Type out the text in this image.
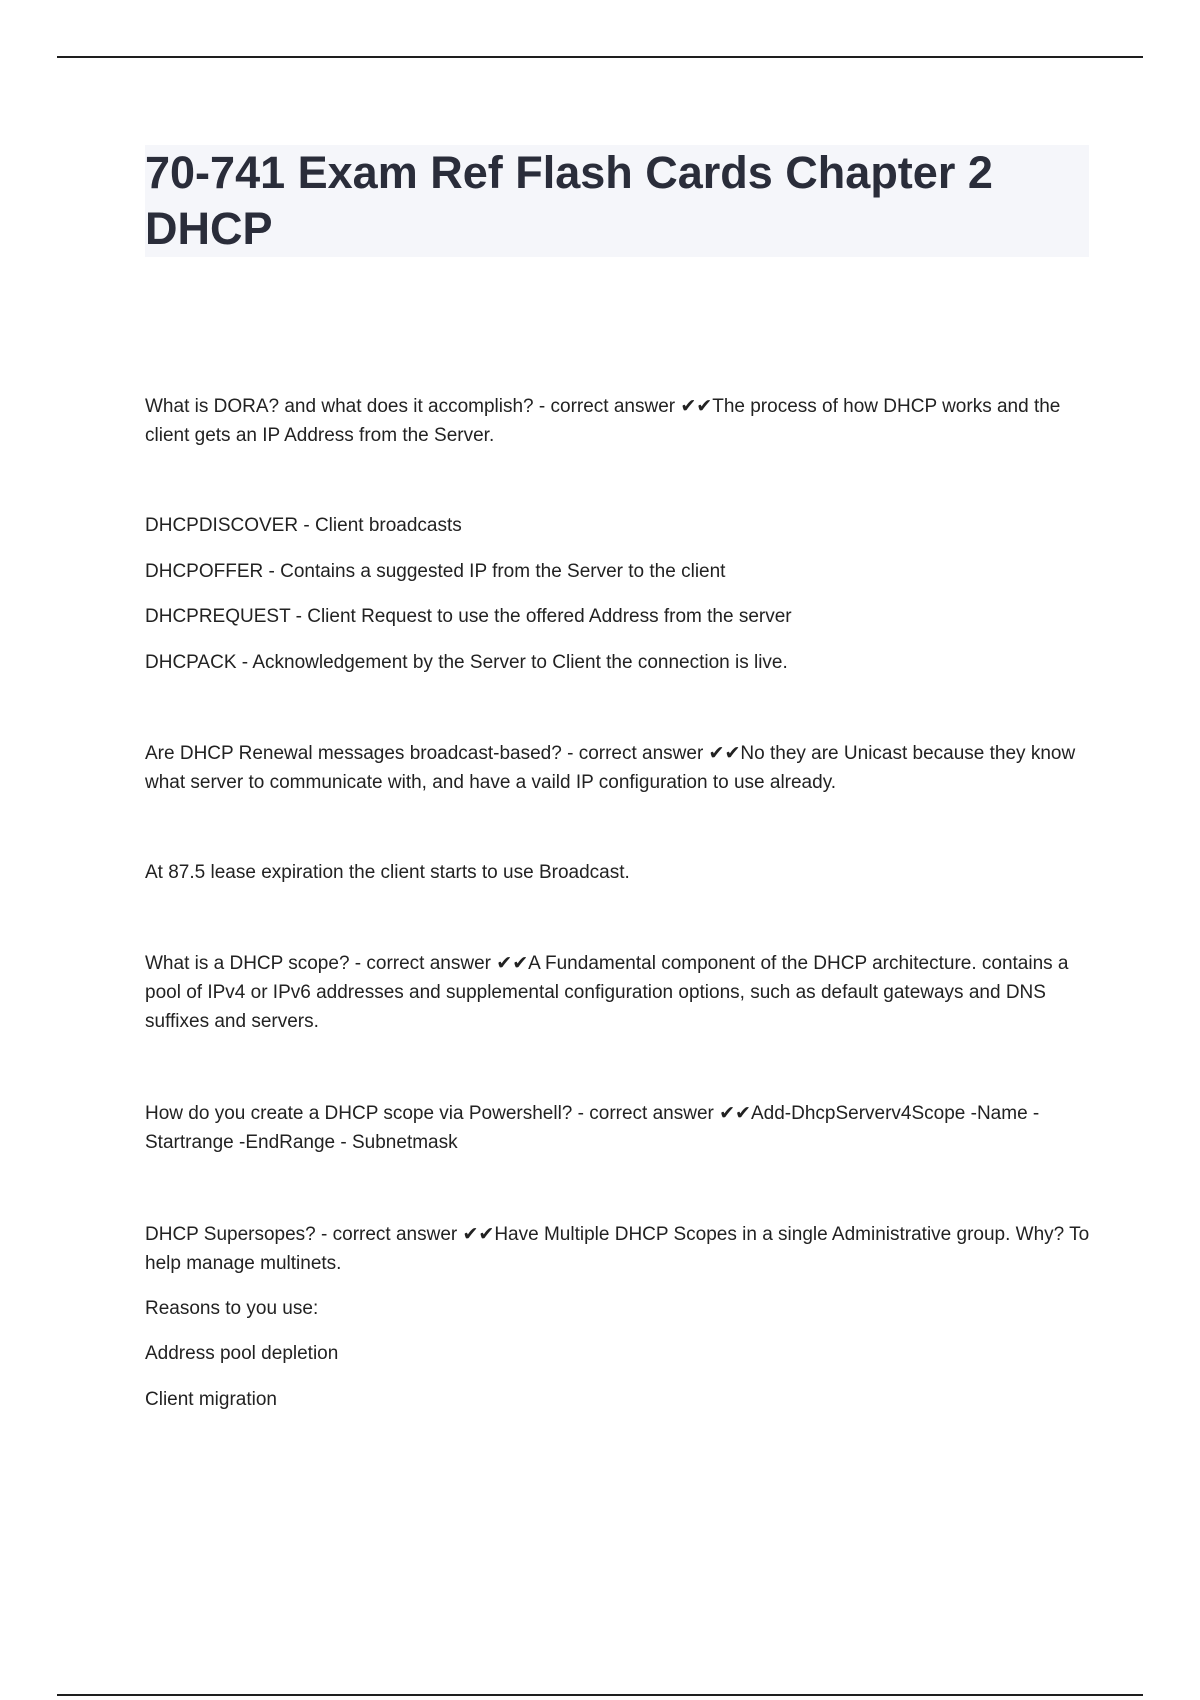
70-741 Exam Ref Flash Cards Chapter 2
DHCP

What is DORA? and what does it accomplish? - correct answer ✔✔The process of how DHCP works and the client gets an IP Address from the Server.

DHCPDISCOVER - Client broadcasts

DHCPOFFER - Contains a suggested IP from the Server to the client

DHCPREQUEST - Client Request to use the offered Address from the server

DHCPACK - Acknowledgement by the Server to Client the connection is live.

Are DHCP Renewal messages broadcast-based? - correct answer ✔✔No they are Unicast because they know what server to communicate with, and have a vaild IP configuration to use already.

At 87.5 lease expiration the client starts to use Broadcast.

What is a DHCP scope? - correct answer ✔✔A Fundamental component of the DHCP architecture. contains a pool of IPv4 or IPv6 addresses and supplemental configuration options, such as default gateways and DNS suffixes and servers.

How do you create a DHCP scope via Powershell? - correct answer ✔✔Add-DhcpServerv4Scope -Name - Startrange -EndRange - Subnetmask

DHCP Supersopes? - correct answer ✔✔Have Multiple DHCP Scopes in a single Administrative group. Why? To help manage multinets.

Reasons to you use:

Address pool depletion

Client migration
